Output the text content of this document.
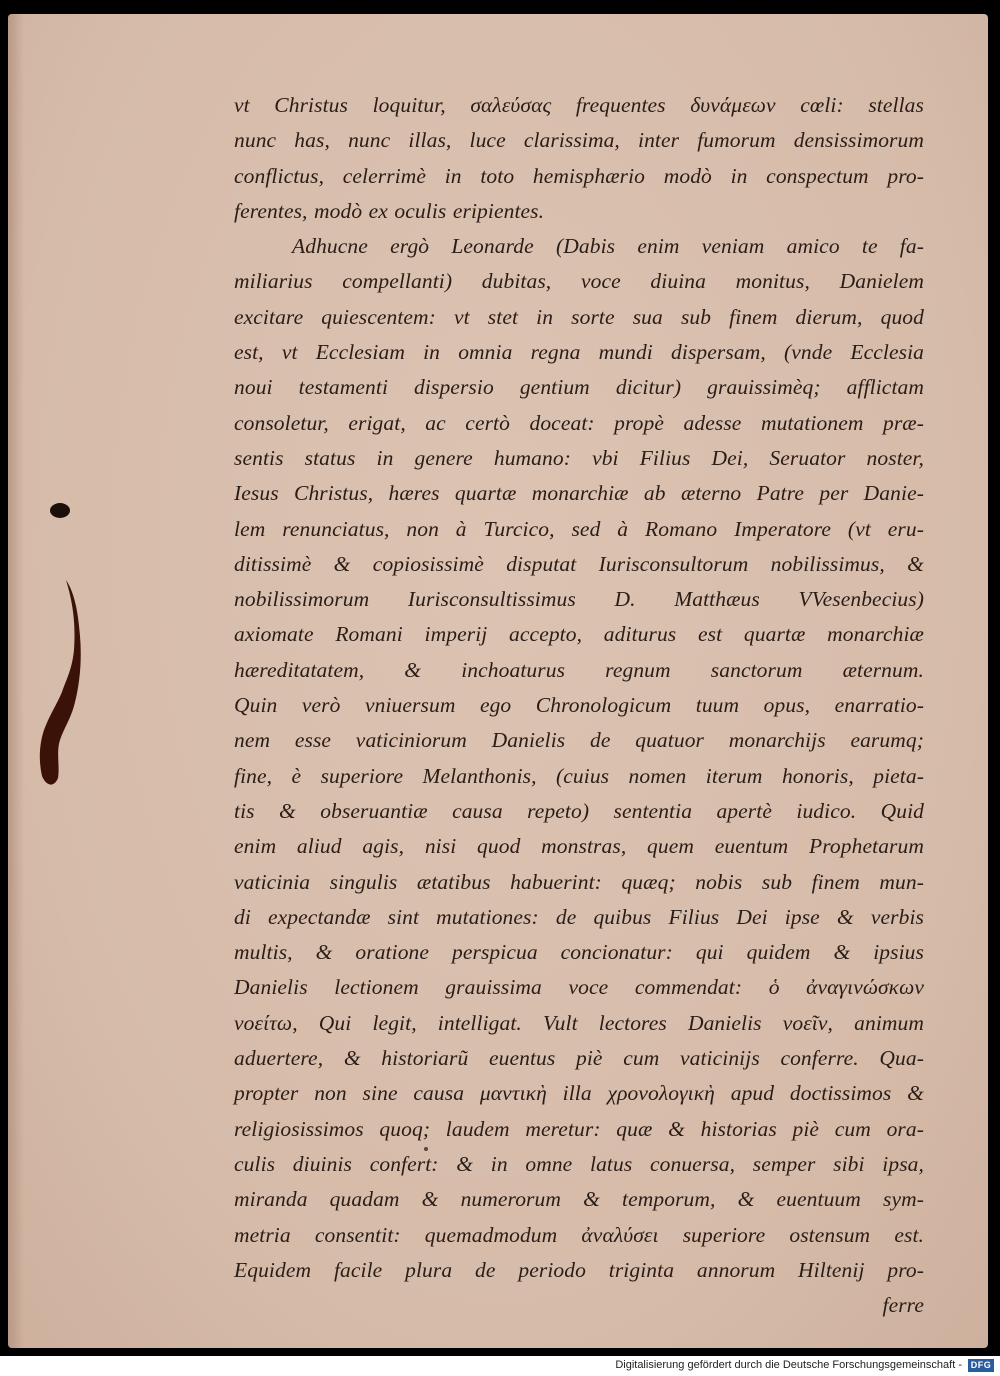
vt Christus loquitur, σαλεύσας frequentes δυνάμεων cœli: stellas
nunc has, nunc illas, luce clarissima, inter fumorum densissimorum
conflictus, celerrimè in toto hemisphærio modò in conspectum pro-
ferentes, modò ex oculis eripientes.
Adhucne ergò Leonarde (Dabis enim veniam amico te fa-
miliarius compellanti) dubitas, voce diuina monitus, Danielem
excitare quiescentem: vt stet in sorte sua sub finem dierum, quod
est, vt Ecclesiam in omnia regna mundi dispersam, (vnde Ecclesia
noui testamenti dispersio gentium dicitur) grauissimèq; afflictam
consoletur, erigat, ac certò doceat: propè adesse mutationem præ-
sentis status in genere humano: vbi Filius Dei, Seruator noster,
Iesus Christus, hæres quartæ monarchiæ ab æterno Patre per Danie-
lem renunciatus, non à Turcico, sed à Romano Imperatore (vt eru-
ditissimè & copiosissimè disputat Iurisconsultorum nobilissimus, &
nobilissimorum Iurisconsultissimus D. Matthæus VVesenbecius)
axiomate Romani imperij accepto, aditurus est quartæ monarchiæ
hæreditatatem, & inchoaturus regnum sanctorum æternum.
Quin verò vniuersum ego Chronologicum tuum opus, enarratio-
nem esse vaticiniorum Danielis de quatuor monarchijs earumq;
fine, è superiore Melanthonis, (cuius nomen iterum honoris, pieta-
tis & obseruantiæ causa repeto) sententia apertè iudico. Quid
enim aliud agis, nisi quod monstras, quem euentum Prophetarum
vaticinia singulis ætatibus habuerint: quæq; nobis sub finem mun-
di expectandæ sint mutationes: de quibus Filius Dei ipse & verbis
multis, & oratione perspicua concionatur: qui quidem & ipsius
Danielis lectionem grauissima voce commendat: ὁ ἀναγινώσκων
νοείτω, Qui legit, intelligat. Vult lectores Danielis νοεῖν, animum
aduertere, & historiarũ euentus piè cum vaticinijs conferre. Qua-
propter non sine causa μαντικὴ illa χρονολογικὴ apud doctissimos &
religiosissimos quoq; laudem meretur: quæ & historias piè cum ora-
culis diuinis confert: & in omne latus conuersa, semper sibi ipsa,
miranda quadam & numerorum & temporum, & euentuum sym-
metria consentit: quemadmodum ἀναλύσει superiore ostensum est.
Equidem facile plura de periodo triginta annorum Hiltenij pro-
ferre
Digitalisierung gefördert durch die Deutsche Forschungsgemeinschaft - DFG
